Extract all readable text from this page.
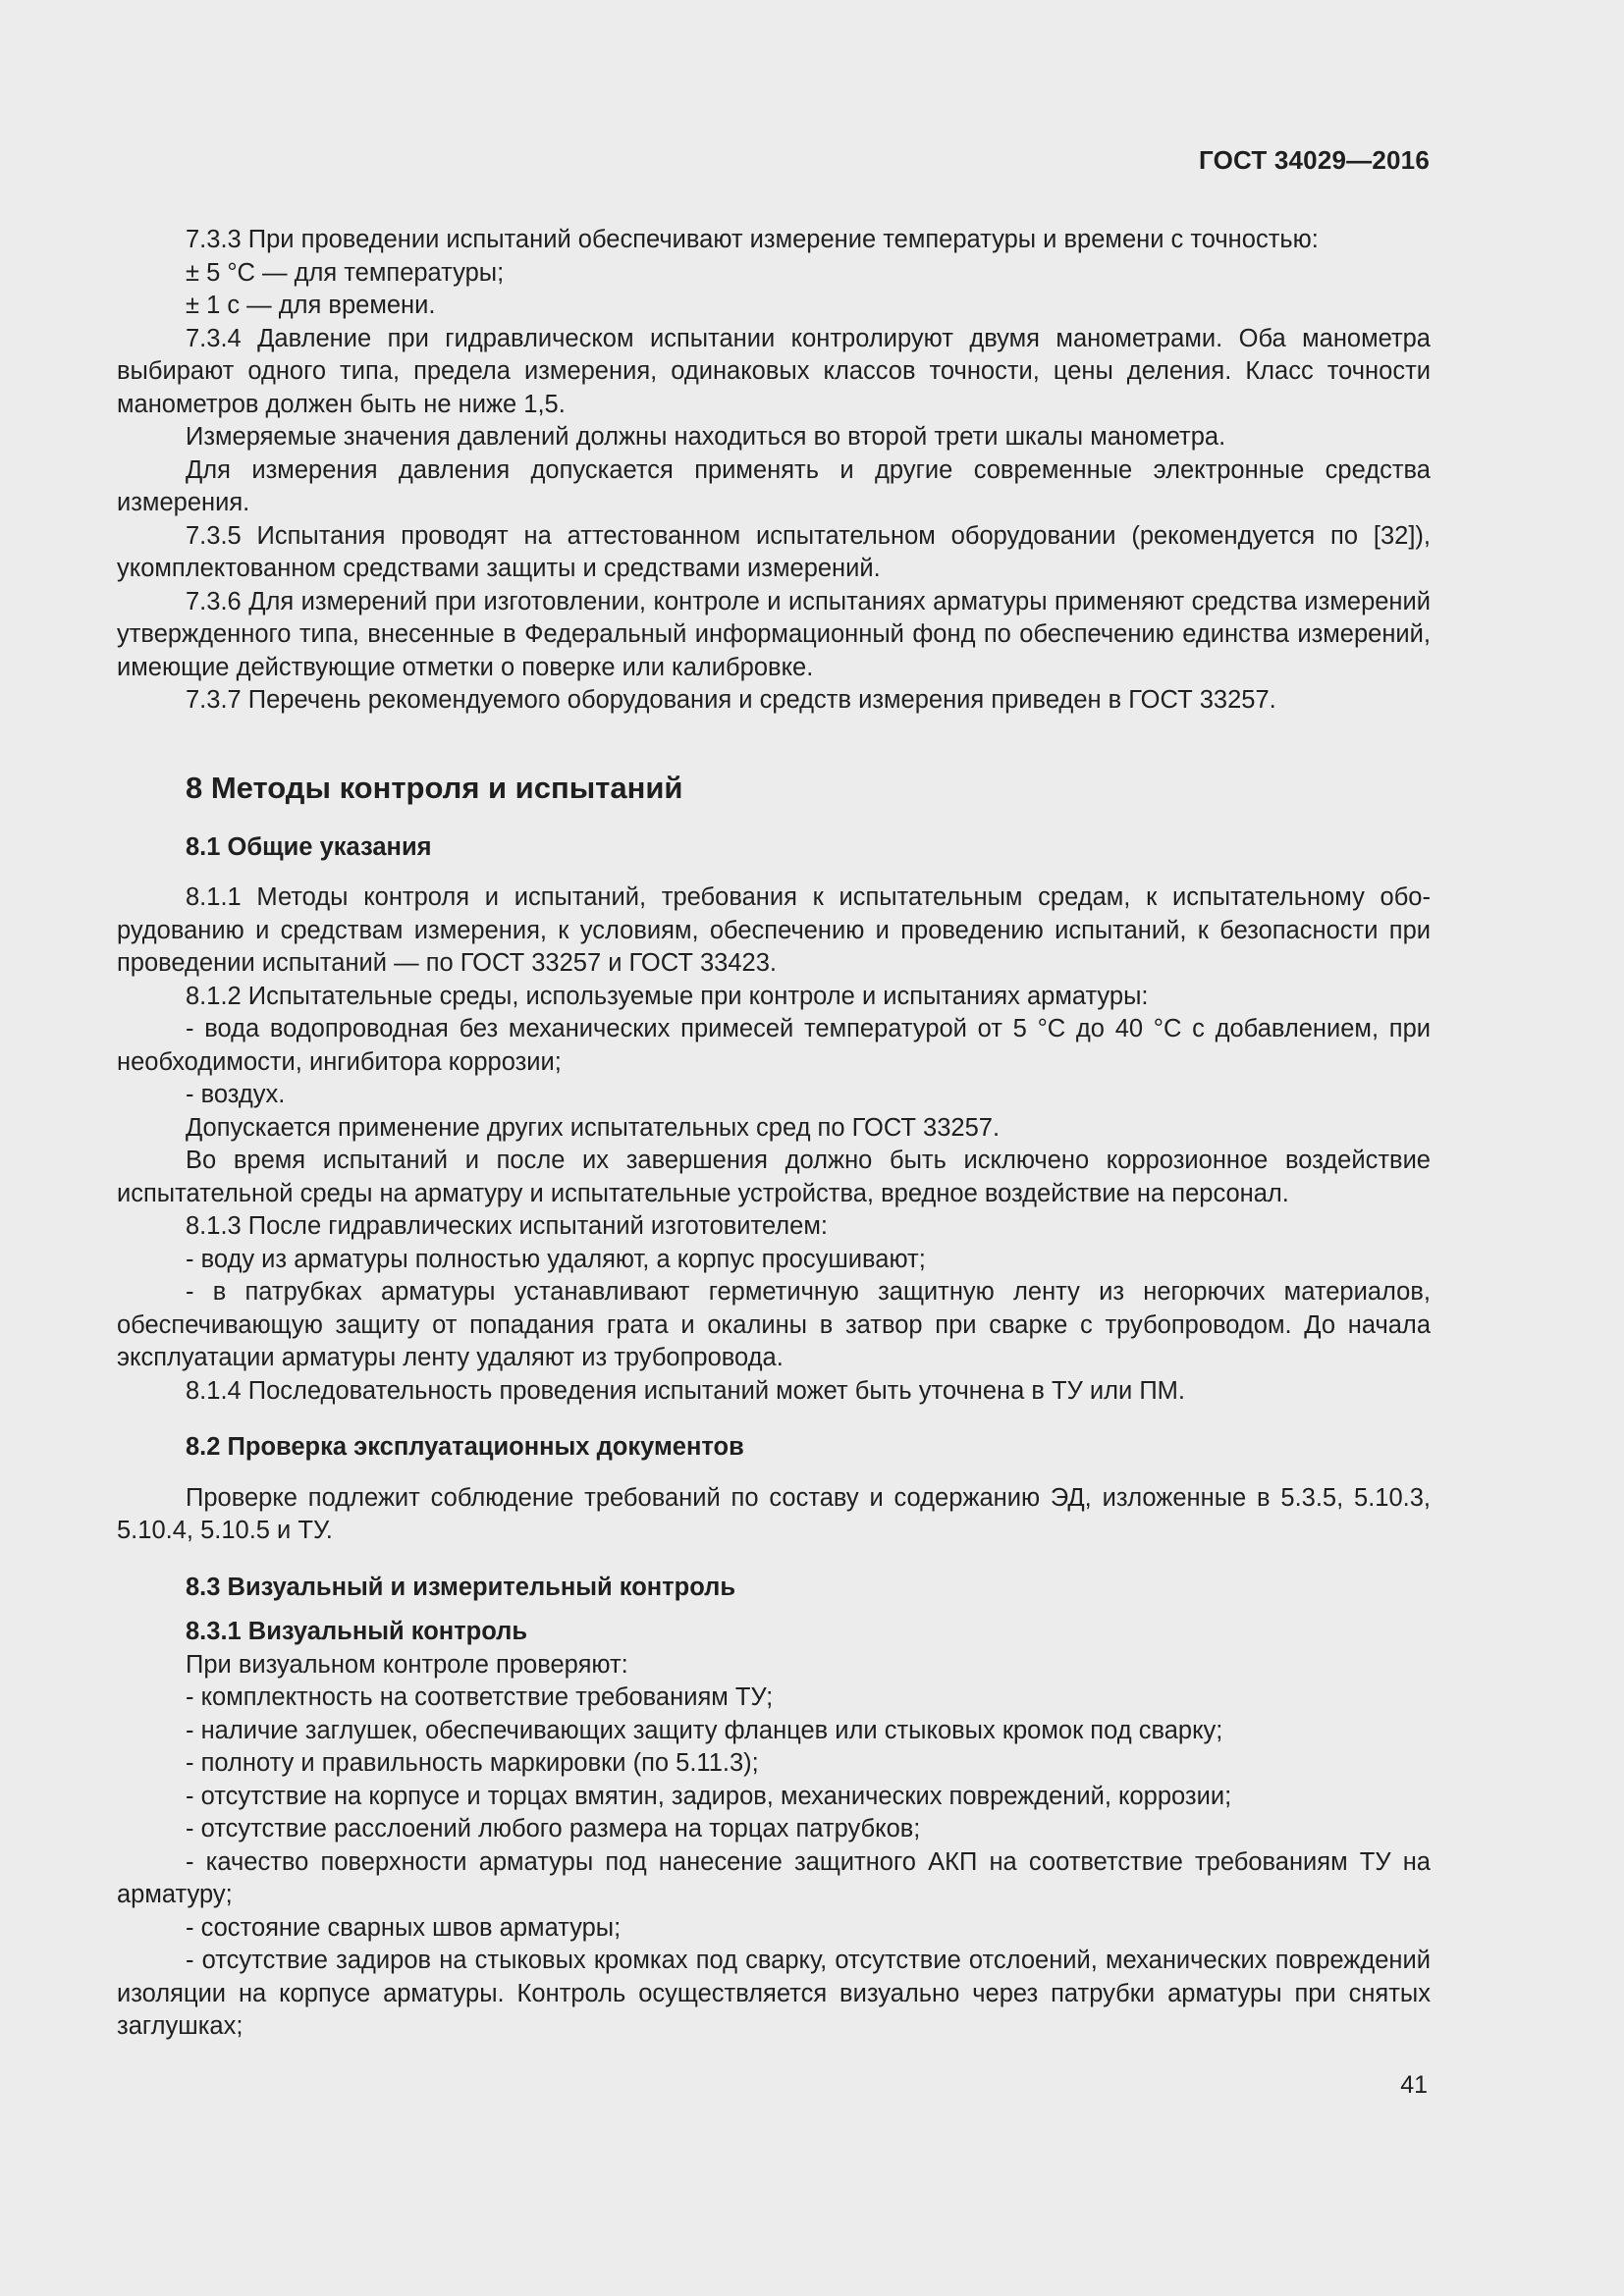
ГОСТ 34029—2016

7.3.3 При проведении испытаний обеспечивают измерение температуры и времени с точностью:

± 5 °С — для температуры;

± 1 с — для времени.

7.3.4 Давление при гидравлическом испытании контролируют двумя манометрами. Оба манометра выбирают одного типа, предела измерения, одинаковых классов точности, цены деления. Класс точности манометров должен быть не ниже 1,5.

Измеряемые значения давлений должны находиться во второй трети шкалы манометра.

Для измерения давления допускается применять и другие современные электронные средства измерения.

7.3.5 Испытания проводят на аттестованном испытательном оборудовании (рекомендуется по [32]), укомплектованном средствами защиты и средствами измерений.

7.3.6 Для измерений при изготовлении, контроле и испытаниях арматуры применяют средства измерений утвержденного типа, внесенные в Федеральный информационный фонд по обеспечению единства измерений, имеющие действующие отметки о поверке или калибровке.

7.3.7 Перечень рекомендуемого оборудования и средств измерения приведен в ГОСТ 33257.

8 Методы контроля и испытаний
8.1 Общие указания

8.1.1 Методы контроля и испытаний, требования к испытательным средам, к испытательному оборудованию и средствам измерения, к условиям, обеспечению и проведению испытаний, к безопасности при проведении испытаний — по ГОСТ 33257 и ГОСТ 33423.

8.1.2 Испытательные среды, используемые при контроле и испытаниях арматуры:

- вода водопроводная без механических примесей температурой от 5 °С до 40 °С с добавлением, при необходимости, ингибитора коррозии;

- воздух.

Допускается применение других испытательных сред по ГОСТ 33257.

Во время испытаний и после их завершения должно быть исключено коррозионное воздействие испытательной среды на арматуру и испытательные устройства, вредное воздействие на персонал.

8.1.3 После гидравлических испытаний изготовителем:

- воду из арматуры полностью удаляют, а корпус просушивают;

- в патрубках арматуры устанавливают герметичную защитную ленту из негорючих материалов, обеспечивающую защиту от попадания грата и окалины в затвор при сварке с трубопроводом. До начала эксплуатации арматуры ленту удаляют из трубопровода.

8.1.4 Последовательность проведения испытаний может быть уточнена в ТУ или ПМ.

8.2 Проверка эксплуатационных документов

Проверке подлежит соблюдение требований по составу и содержанию ЭД, изложенные в 5.3.5, 5.10.3, 5.10.4, 5.10.5 и ТУ.

8.3 Визуальный и измерительный контроль
8.3.1 Визуальный контроль

При визуальном контроле проверяют:

- комплектность на соответствие требованиям ТУ;

- наличие заглушек, обеспечивающих защиту фланцев или стыковых кромок под сварку;

- полноту и правильность маркировки (по 5.11.3);

- отсутствие на корпусе и торцах вмятин, задиров, механических повреждений, коррозии;

- отсутствие расслоений любого размера на торцах патрубков;

- качество поверхности арматуры под нанесение защитного АКП на соответствие требованиям ТУ на арматуру;

- состояние сварных швов арматуры;

- отсутствие задиров на стыковых кромках под сварку, отсутствие отслоений, механических повреждений изоляции на корпусе арматуры. Контроль осуществляется визуально через патрубки арматуры при снятых заглушках;

41
